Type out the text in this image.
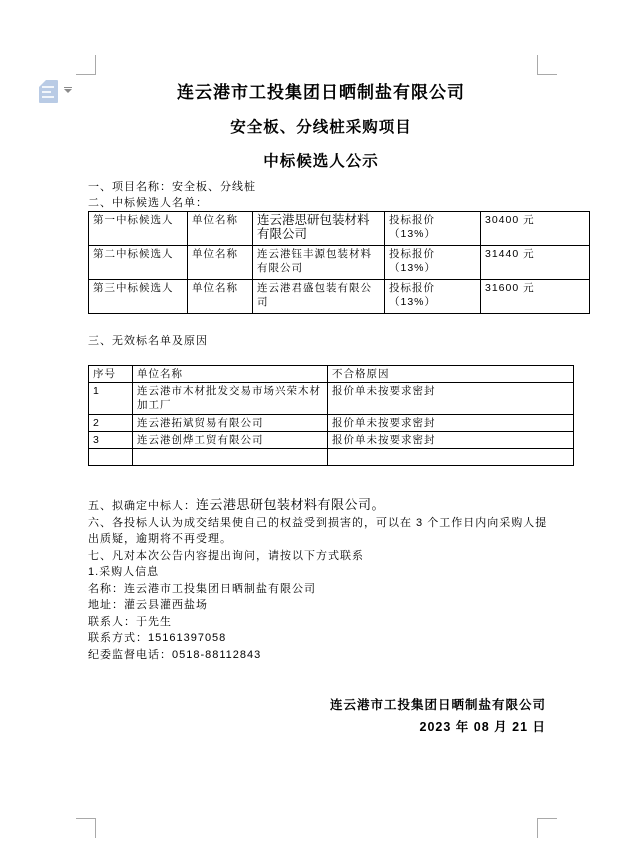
连云港市工投集团日晒制盐有限公司

安全板、分线桩采购项目

中标候选人公示

一、项目名称：安全板、分线桩

二、中标候选人名单：

第一中标候选人	单位名称	连云港思研包装材料有限公司	投标报价（13%）	30400 元
第二中标候选人	单位名称	连云港钰丰源包装材料有限公司	投标报价（13%）	31440 元
第三中标候选人	单位名称	连云港君盛包装有限公司	投标报价（13%）	31600 元

三、无效标名单及原因

序号	单位名称	不合格原因
1	连云港市木材批发交易市场兴荣木材加工厂	报价单未按要求密封
2	连云港拓斌贸易有限公司	报价单未按要求密封
3	连云港创烨工贸有限公司	报价单未按要求密封

五、拟确定中标人：连云港思研包装材料有限公司。

六、各投标人认为成交结果使自己的权益受到损害的，可以在 3 个工作日内向采购人提出质疑，逾期将不再受理。

七、凡对本次公告内容提出询问，请按以下方式联系

1.采购人信息

名称：连云港市工投集团日晒制盐有限公司

地址：灌云县灌西盐场

联系人：于先生

联系方式：15161397058

纪委监督电话：0518-88112843

连云港市工投集团日晒制盐有限公司

2023 年 08 月 21 日
